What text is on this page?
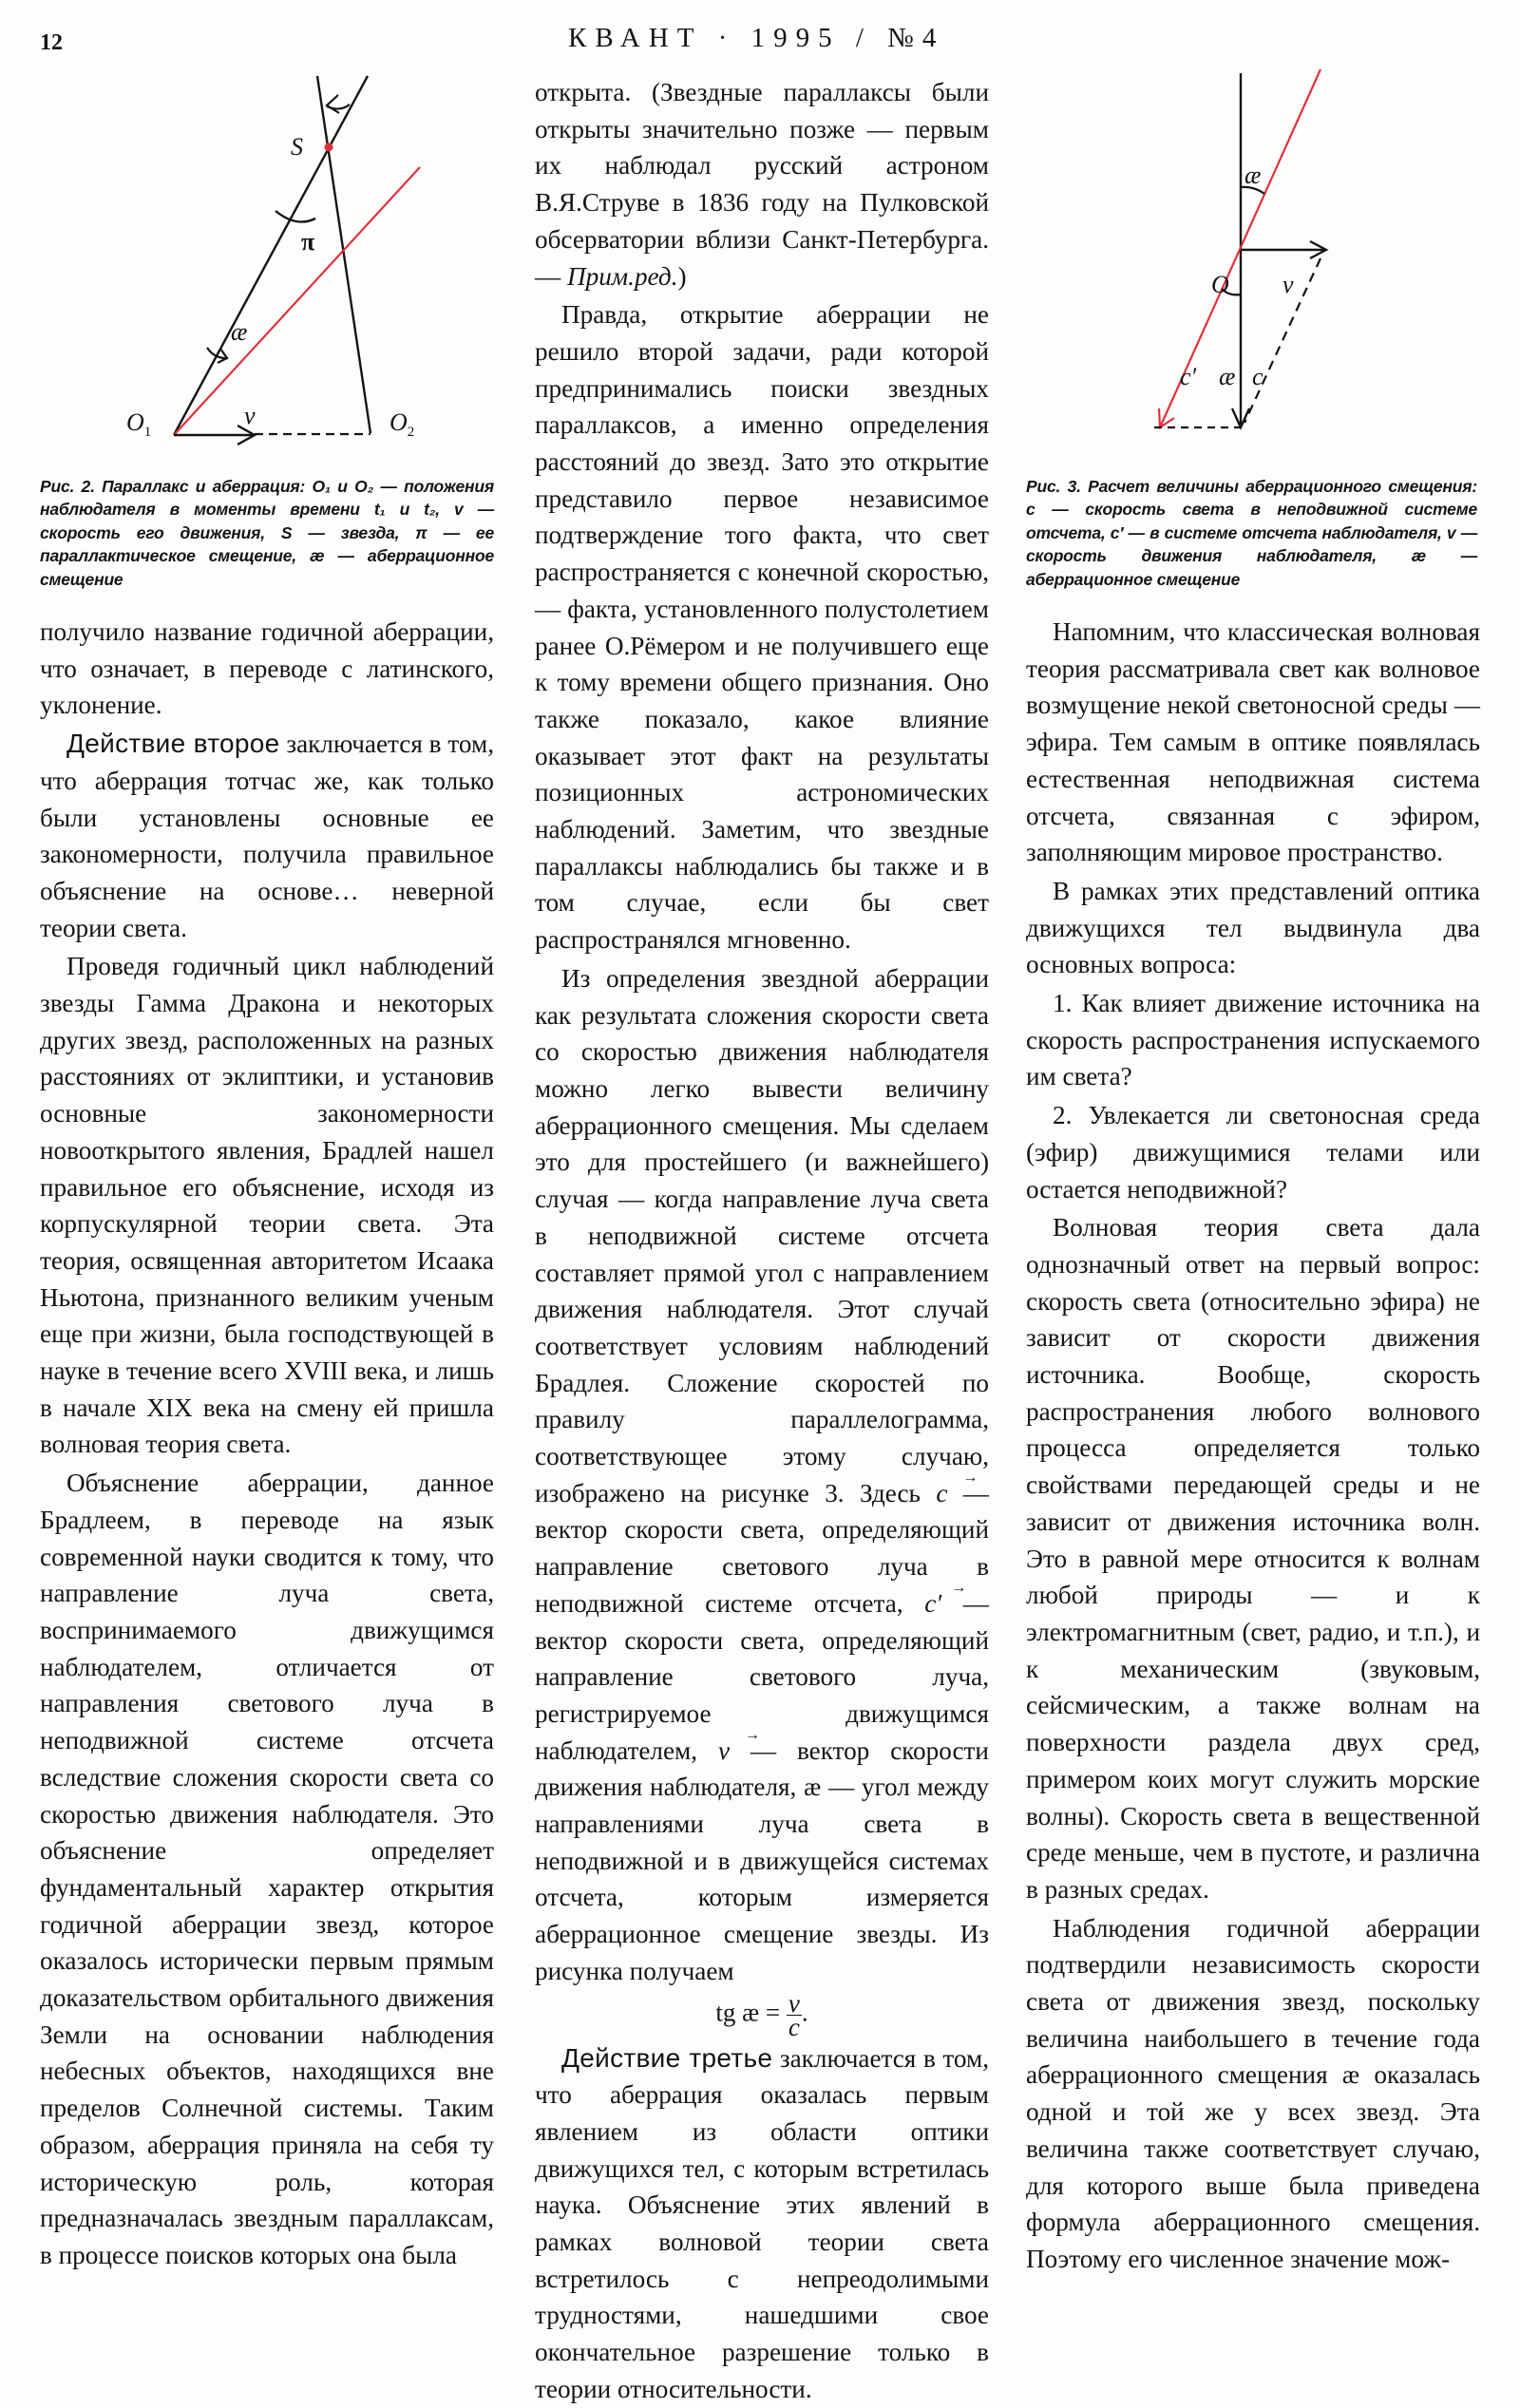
12	КВАНТ · 1995 / №4
S
π
æ
v
$O_1$	$O_2$
Рис. 2. Параллакс и аберрация: O₁ и O₂ — положения наблюдателя в моменты времени t₁ и t₂, v — скорость его движения, S — звезда, π — ее параллактическое смещение, æ — аберрационное смещение
æ
O v
c′ æ c
Рис. 3. Расчет величины аберрационного смещения: c — скорость света в неподвижной системе отсчета, c′ — в системе отсчета наблюдателя, v — скорость движения наблюдателя, æ — аберрационное смещение

получило название годичной аберрации, что означает, в переводе с латинского, уклонение.

Действие второе заключается в том, что аберрация тотчас же, как только были установлены основные ее закономерности, получила правильное объяснение на основе… неверной теории света.

Проведя годичный цикл наблюдений звезды Гамма Дракона и некоторых других звезд, расположенных на разных расстояниях от эклиптики, и установив основные закономерности новооткрытого явления, Брадлей нашел правильное его объяснение, исходя из корпускулярной теории света. Эта теория, освященная авторитетом Исаака Ньютона, признанного великим ученым еще при жизни, была господствующей в науке в течение всего XVIII века, и лишь в начале XIX века на смену ей пришла волновая теория света.

Объяснение аберрации, данное Брадлеем, в переводе на язык современной науки сводится к тому, что направление луча света, воспринимаемого движущимся наблюдателем, отличается от направления светового луча в неподвижной системе отсчета вследствие сложения скорости света со скоростью движения наблюдателя. Это объяснение определяет фундаментальный характер открытия годичной аберрации звезд, которое оказалось исторически первым прямым доказательством орбитального движения Земли на основании наблюдения небесных объектов, находящихся вне пределов Солнечной системы. Таким образом, аберрация приняла на себя ту историческую роль, которая предназначалась звездным параллаксам, в процессе поисков которых она была

открыта. (Звездные параллаксы были открыты значительно позже — первым их наблюдал русский астроном В.Я.Струве в 1836 году на Пулковской обсерватории вблизи Санкт-Петербурга. — Прим.ред.)

Правда, открытие аберрации не решило второй задачи, ради которой предпринимались поиски звездных параллаксов, а именно определения расстояний до звезд. Зато это открытие представило первое независимое подтверждение того факта, что свет распространяется с конечной скоростью, — факта, установленного полустолетием ранее О.Рёмером и не получившего еще к тому времени общего признания. Оно также показало, какое влияние оказывает этот факт на результаты позиционных астрономических наблюдений. Заметим, что звездные параллаксы наблюдались бы также и в том случае, если бы свет распространялся мгновенно.

Из определения звездной аберрации как результата сложения скорости света со скоростью движения наблюдателя можно легко вывести величину аберрационного смещения. Мы сделаем это для простейшего (и важнейшего) случая — когда направление луча света в неподвижной системе отсчета составляет прямой угол с направлением движения наблюдателя. Этот случай соответствует условиям наблюдений Брадлея. Сложение скоростей по правилу параллелограмма, соответствующее этому случаю, изображено на рисунке 3. Здесь → c — вектор скорости света, определяющий направление светового луча в неподвижной системе отсчета, → c′ — вектор скорости света, определяющий направление светового луча, регистрируемое движущимся наблюдателем, → v — вектор скорости движения наблюдателя, æ — угол между направлениями луча света в неподвижной и в движущейся системах отсчета, которым измеряется аберрационное смещение звезды. Из рисунка получаем

tg æ = $\frac{v}{c}$ .

Действие третье заключается в том, что аберрация оказалась первым явлением из области оптики движущихся тел, с которым встретилась наука. Объяснение этих явлений в рамках волновой теории света встретилось с непреодолимыми трудностями, нашедшими свое окончательное разрешение только в теории относительности.

Напомним, что классическая волновая теория рассматривала свет как волновое возмущение некой светоносной среды — эфира. Тем самым в оптике появлялась естественная неподвижная система отсчета, связанная с эфиром, заполняющим мировое пространство.

В рамках этих представлений оптика движущихся тел выдвинула два основных вопроса:

1. Как влияет движение источника на скорость распространения испускаемого им света?

2. Увлекается ли светоносная среда (эфир) движущимися телами или остается неподвижной?

Волновая теория света дала однозначный ответ на первый вопрос: скорость света (относительно эфира) не зависит от скорости движения источника. Вообще, скорость распространения любого волнового процесса определяется только свойствами передающей среды и не зависит от движения источника волн. Это в равной мере относится к волнам любой природы — и к электромагнитным (свет, радио, и т.п.), и к механическим (звуковым, сейсмическим, а также волнам на поверхности раздела двух сред, примером коих могут служить морские волны). Скорость света в вещественной среде меньше, чем в пустоте, и различна в разных средах.

Наблюдения годичной аберрации подтвердили независимость скорости света от движения звезд, поскольку величина наибольшего в течение года аберрационного смещения æ оказалась одной и той же у всех звезд. Эта величина также соответствует случаю, для которого выше была приведена формула аберрационного смещения. Поэтому его численное значение мож-
